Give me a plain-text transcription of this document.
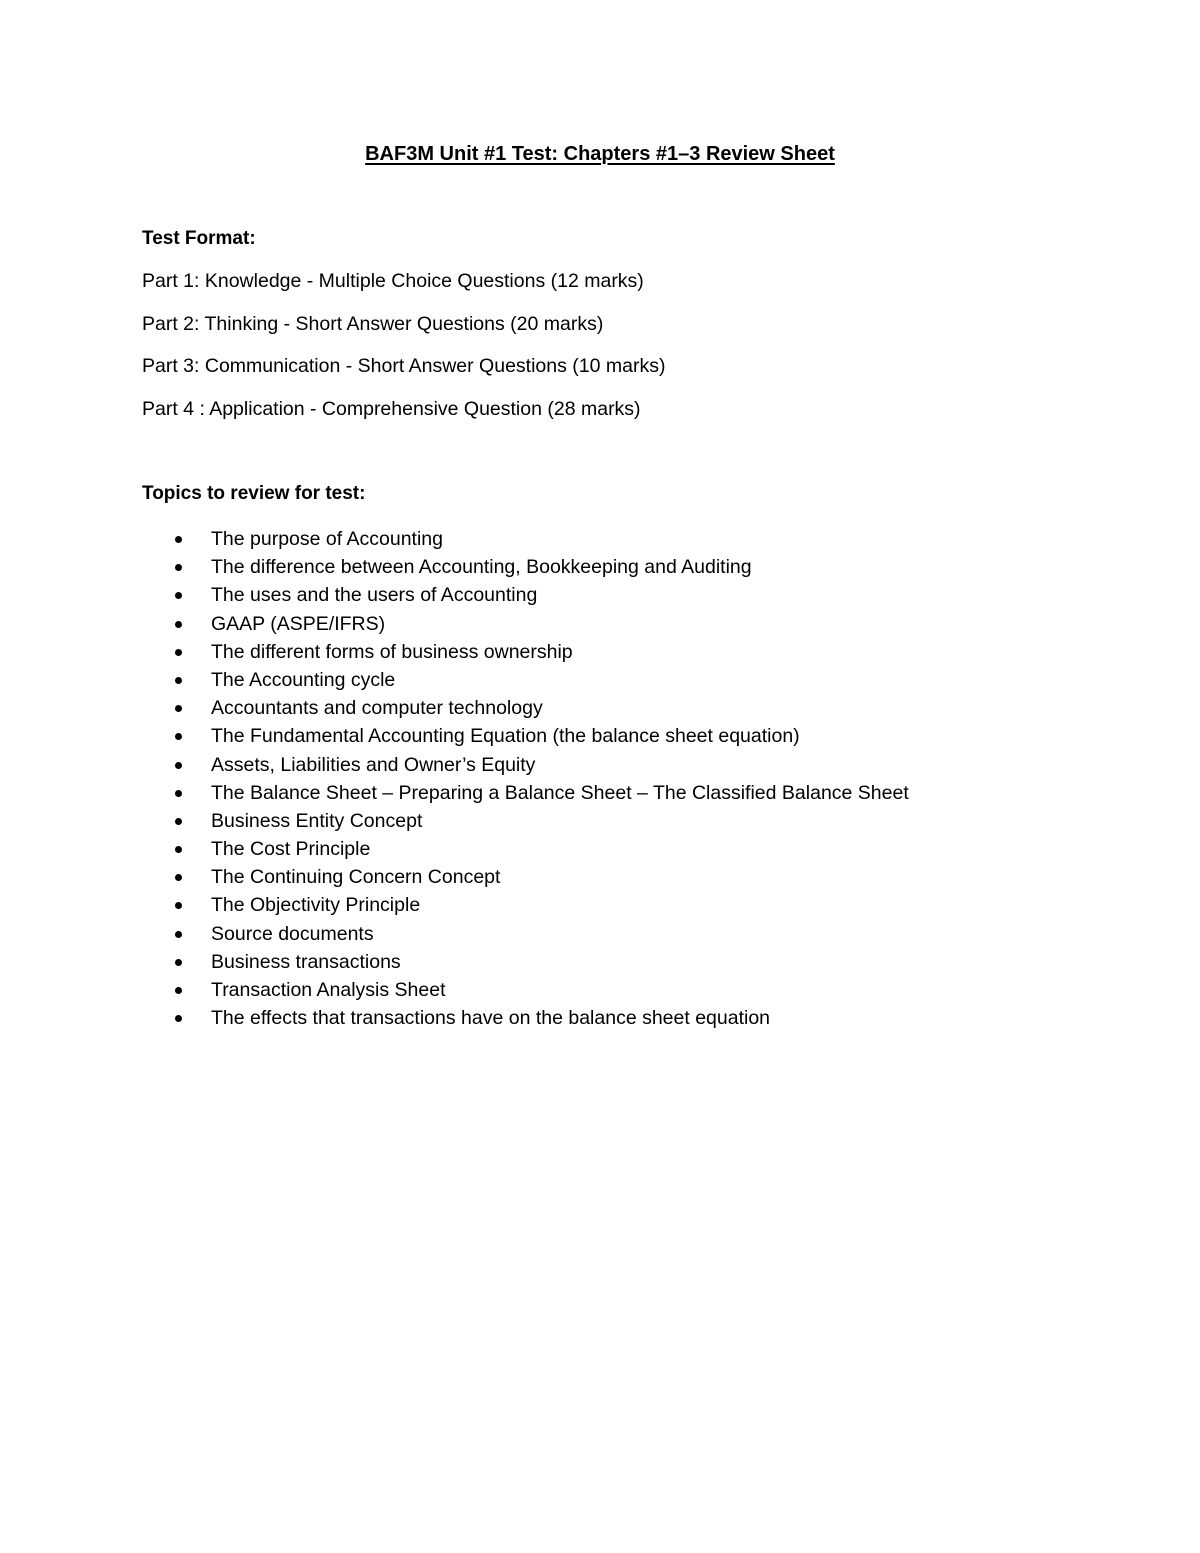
BAF3M Unit #1 Test: Chapters #1–3 Review Sheet
Test Format:
Part 1: Knowledge - Multiple Choice Questions (12 marks)
Part 2: Thinking - Short Answer Questions (20 marks)
Part 3: Communication - Short Answer Questions (10 marks)
Part 4 : Application - Comprehensive Question (28 marks)
Topics to review for test:
The purpose of Accounting
The difference between Accounting, Bookkeeping and Auditing
The uses and the users of Accounting
GAAP (ASPE/IFRS)
The different forms of business ownership
The Accounting cycle
Accountants and computer technology
The Fundamental Accounting Equation (the balance sheet equation)
Assets, Liabilities and Owner’s Equity
The Balance Sheet – Preparing a Balance Sheet – The Classified Balance Sheet
Business Entity Concept
The Cost Principle
The Continuing Concern Concept
The Objectivity Principle
Source documents
Business transactions
Transaction Analysis Sheet
The effects that transactions have on the balance sheet equation
